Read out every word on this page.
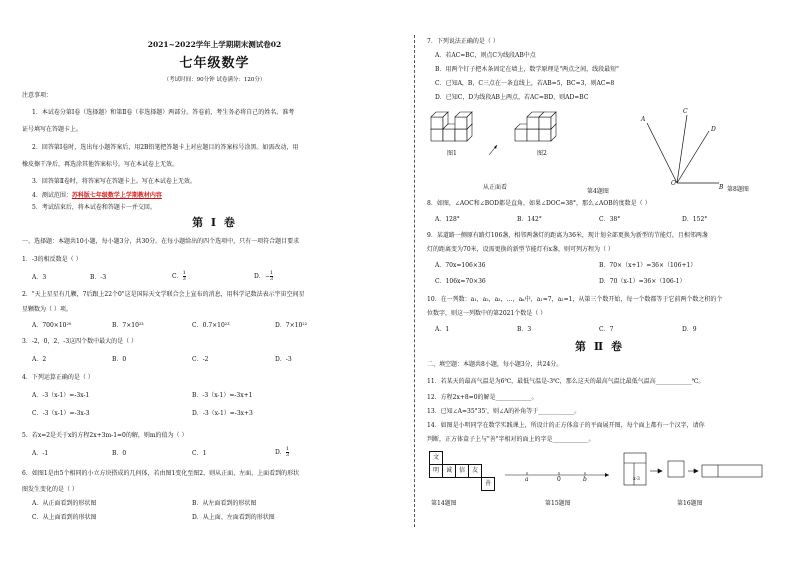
2021~2022学年上学期期末测试卷02
七年级数学
（考试时间：90分钟 试卷满分：120分）
注意事项：
1．本试卷分第Ⅰ卷（选择题）和第Ⅱ卷（非选择题）两部分。答卷前，考生务必将自己的姓名、准考
证号填写在答题卡上。
2．回答第Ⅰ卷时，选出每小题答案后，用2B铅笔把答题卡上对应题目的答案标号涂黑。如需改动，用
橡皮擦干净后，再选涂其他答案标号。写在本试卷上无效。
3．回答第Ⅱ卷时，将答案写在答题卡上。写在本试卷上无效。
4．测试范围：苏科版七年级数学上学期教材内容
5．考试结束后，将本试卷和答题卡一并交回。
第 Ⅰ 卷
一、选择题：本题共10小题，每小题3分，共30分。在每小题给出的四个选项中，只有一项符合题目要求
1．-3的相反数是（ ）
A．3	B．-3	C． $\frac{1}{3}$	D．− $\frac{1}{3}$
2．"天上星星有几颗，7后跟上22个0"这是国际天文学联合会上宣布的消息，用科学记数法表示宇宙空间星
星颗数为（ ）项。
A．700×10²⁰	B．7×10²³	C．0.7×10²³	D．7×10²²
3．-2，0，2，-3这四个数中最大的是（ ）
A．2	B．0	C．-2	D．-3
4．下列运算正确的是（ ）
A．-3（x-1）=-3x-1	B．-3（x-1）=-3x+1
C．-3（x-1）=-3x-3	D．-3（x-1）=-3x+3
5．若x=2是关于x的方程2x+3m-1=0的解，则m的值为（ ）
A．-1	B．0	C．1	D． $\frac{1}{3}$
6．如图1是由5个相同的小立方块搭成的几何体，若由图1变化至图2，则从正面、左面、上面看到的形状
图发生变化的是（ ）
A．从正面看到的形状图	B．从左面看到的形状图
C．从上面看到的形状图	D．从上面、左面看到的形状图
7．下列说法正确的是（ ）
A．若AC=BC，则点C为线段AB中点
B．用两个钉子把木条固定在墙上，数学原理是"两点之间，线段最短"
C．已知A，B，C三点在一条直线上，若AB=5，BC=3，则AC=8
D．已知C，D为线段AB上两点，若AC=BD，则AD=BC
图1	图2
从正面看
第4题图
A
C
D
O
B 第8题图
8．如图，∠AOC和∠BOD都是直角，如果∠DOC=38°，那么∠AOB的度数是（ ）
A．128°	B．142°	C．38°	D．152°
9．某道路一侧原有路灯106盏，相邻两盏灯的距离为36米，现计划全部更换为新型的节能灯，且相邻两盏
灯的距离变为70米，设需更换的新型节能灯有x盏，则可列方程为（ ）
A．70x=106×36	B．70×（x+1）=36×（106+1）
C．106x=70×36	D．70（x-1）=36×（106-1）
10．在一列数：a₁，a₂，a₃，…，aₙ中，a₁=7，a₂=1，从第三个数开始，每一个数都等于它前两个数之积的个
位数字，则这一列数中的第2021个数是（ ）
A．1	B．3	C．7	D．9
第 Ⅱ 卷
二、填空题：本题共8小题，每小题3分，共24分。
11．若某天的最高气温是为6℃，最低气温是-3℃，那么这天的最高气温比最低气温高____________℃。
12．方程2x+8=0的解是____________。
13．已知∠A=35°35'，则∠A的补角等于____________。
14．如图是小明同学在数学实践课上，所设计的正方体盒子的平面展开图，每个面上都有一个汉字，请你
判断，正方体盒子上与"善"字相对的面上的字是____________。
文
明	诚	信	友
善
a	0	b	x-3
第14题图	第15题图	第16题图
